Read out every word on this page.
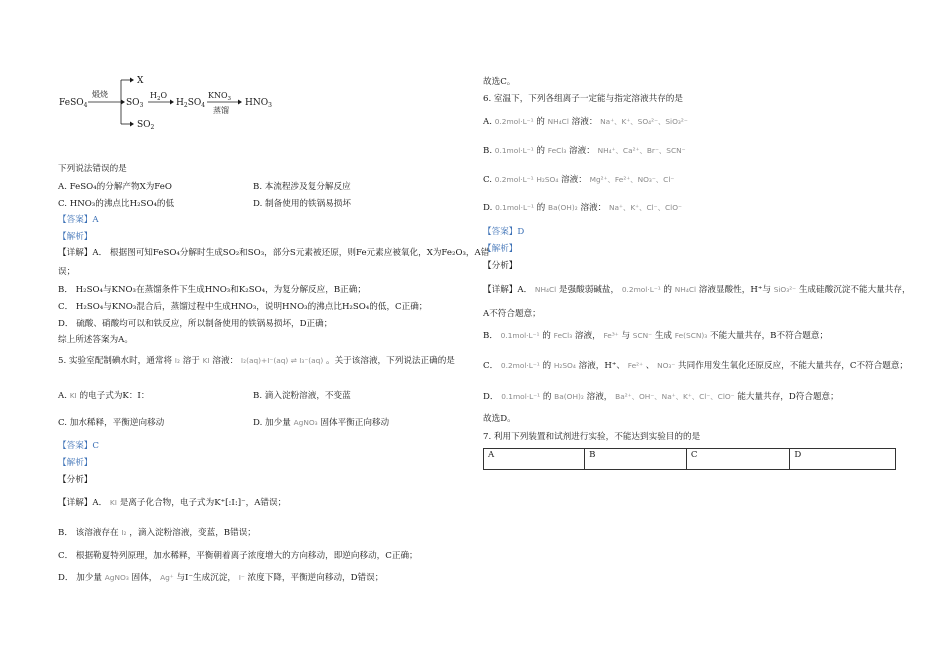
FeSO$_4$
煅烧
X
$SO_3$
$SO_2$
$H_2O$
$H_2SO_4$
$KNO_3$
蒸馏
$HNO_3$
下列说法错误的是
A. FeSO₄的分解产物X为FeO	B. 本流程涉及复分解反应
C. HNO₃的沸点比H₂SO₄的低	D. 制备使用的铁锅易损坏
【答案】A
【解析】
【详解】A． 根据图可知FeSO₄分解时生成SO₂和SO₃，部分S元素被还原，则Fe元素应被氧化，X为Fe₂O₃，A错
误；
B． H₂SO₄与KNO₃在蒸馏条件下生成HNO₃和K₂SO₄，为复分解反应，B正确；
C． H₂SO₄与KNO₃混合后，蒸馏过程中生成HNO₃，说明HNO₃的沸点比H₂SO₄的低，C正确；
D． 硫酸、硝酸均可以和铁反应，所以制备使用的铁锅易损坏，D正确；
综上所述答案为A。
5. 实验室配制碘水时，通常将 I₂ 溶于 KI 溶液： I₂(aq)+I⁻(aq) ⇌ I₃⁻(aq) 。关于该溶液，下列说法正确的是
A. KI 的电子式为K：I：	B. 滴入淀粉溶液，不变蓝
C. 加水稀释，平衡逆向移动	D. 加少量 AgNO₃ 固体平衡正向移动
【答案】C
【解析】
【分析】
【详解】A． KI 是离子化合物，电子式为K⁺[:I:]⁻，A错误；
B． 该溶液存在 I₂ ，滴入淀粉溶液，变蓝，B错误；
C． 根据勒夏特列原理，加水稀释，平衡朝着离子浓度增大的方向移动，即逆向移动，C正确；
D． 加少量 AgNO₃ 固体， Ag⁺ 与I⁻生成沉淀， I⁻ 浓度下降，平衡逆向移动，D错误；
故选C。
6. 室温下，下列各组离子一定能与指定溶液共存的是
A. 0.2mol·L⁻¹ 的 NH₄Cl 溶液： Na⁺、K⁺、SO₄²⁻、SiO₃²⁻
B. 0.1mol·L⁻¹ 的 FeCl₃ 溶液： NH₄⁺、Ca²⁺、Br⁻、SCN⁻
C. 0.2mol·L⁻¹ H₂SO₄ 溶液： Mg²⁺、Fe²⁺、NO₃⁻、Cl⁻
D. 0.1mol·L⁻¹ 的 Ba(OH)₂ 溶液： Na⁺、K⁺、Cl⁻、ClO⁻
【答案】D
【解析】
【分析】
【详解】A． NH₄Cl 是强酸弱碱盐， 0.2mol·L⁻¹ 的 NH₄Cl 溶液显酸性，H⁺与 SiO₃²⁻ 生成硅酸沉淀不能大量共存，
A不符合题意；
B． 0.1mol·L⁻¹ 的 FeCl₃ 溶液， Fe³⁺ 与 SCN⁻ 生成 Fe(SCN)₃ 不能大量共存，B不符合题意；
C． 0.2mol·L⁻¹ 的 H₂SO₄ 溶液，H⁺、 Fe²⁺ 、 NO₃⁻ 共同作用发生氧化还原反应，不能大量共存，C不符合题意；
D． 0.1mol·L⁻¹ 的 Ba(OH)₂ 溶液， Ba²⁺、OH⁻、Na⁺、K⁺、Cl⁻、ClO⁻ 能大量共存，D符合题意；
故选D。
7. 利用下列装置和试剂进行实验，不能达到实验目的的是
A	B	C	D
